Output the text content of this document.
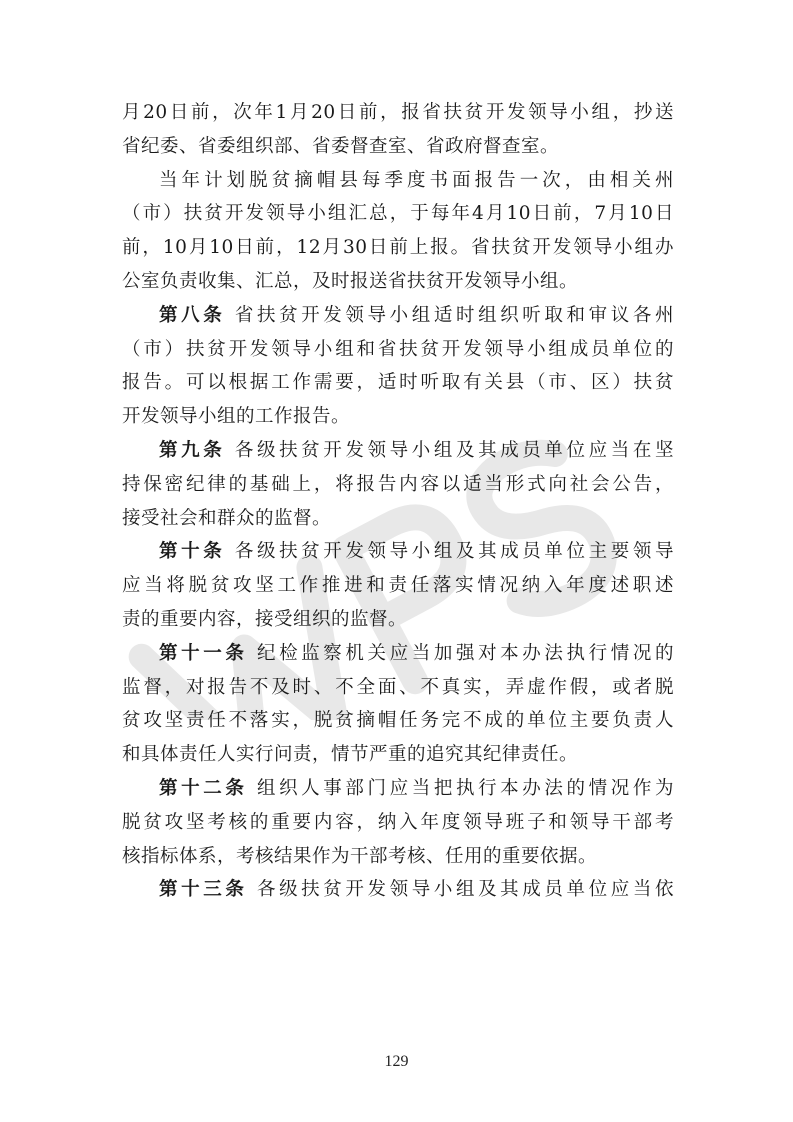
月20日前，次年1月20日前，报省扶贫开发领导小组，抄送

省纪委、省委组织部、省委督查室、省政府督查室。

当年计划脱贫摘帽县每季度书面报告一次，由相关州

（市）扶贫开发领导小组汇总，于每年4月10日前，7月10日

前，10月10日前，12月30日前上报。省扶贫开发领导小组办

公室负责收集、汇总，及时报送省扶贫开发领导小组。

第八条 省扶贫开发领导小组适时组织听取和审议各州

（市）扶贫开发领导小组和省扶贫开发领导小组成员单位的

报告。可以根据工作需要，适时听取有关县（市、区）扶贫

开发领导小组的工作报告。

第九条 各级扶贫开发领导小组及其成员单位应当在坚

持保密纪律的基础上，将报告内容以适当形式向社会公告，

接受社会和群众的监督。

第十条 各级扶贫开发领导小组及其成员单位主要领导

应当将脱贫攻坚工作推进和责任落实情况纳入年度述职述

责的重要内容，接受组织的监督。

第十一条 纪检监察机关应当加强对本办法执行情况的

监督，对报告不及时、不全面、不真实，弄虚作假，或者脱

贫攻坚责任不落实，脱贫摘帽任务完不成的单位主要负责人

和具体责任人实行问责，情节严重的追究其纪律责任。

第十二条 组织人事部门应当把执行本办法的情况作为

脱贫攻坚考核的重要内容，纳入年度领导班子和领导干部考

核指标体系，考核结果作为干部考核、任用的重要依据。

第十三条 各级扶贫开发领导小组及其成员单位应当依

129
